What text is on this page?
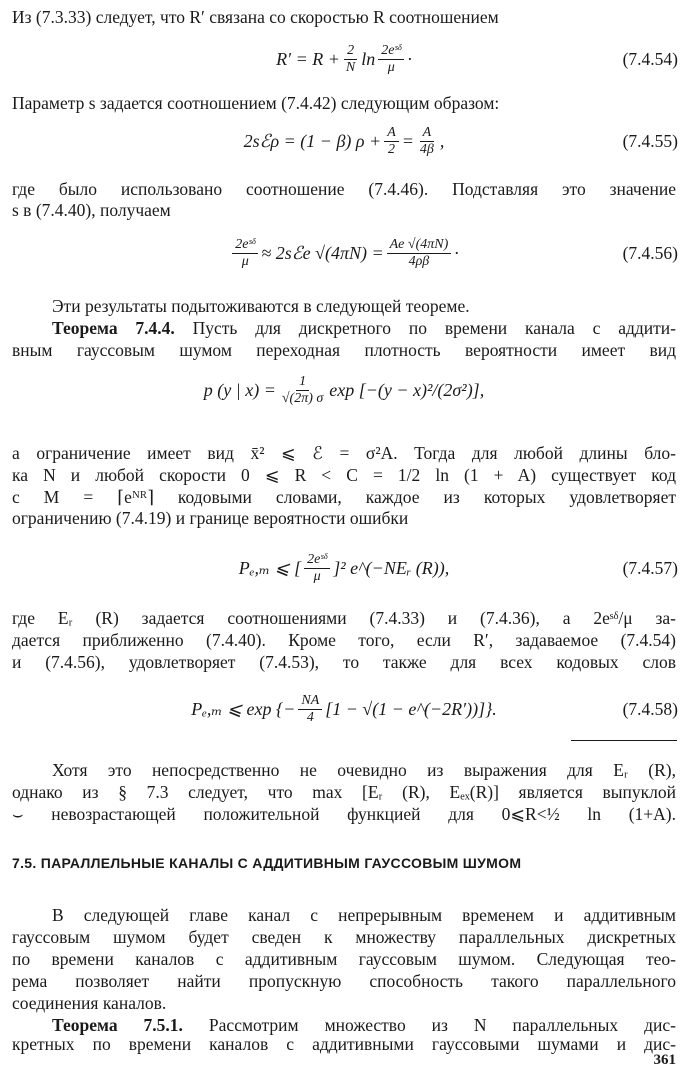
Из (7.3.33) следует, что R′ связана со скоростью R соотношением
$R' = R + \frac{2}{N}$ $\ln \frac{\text{2eˢᵟ}}{\mu}$ ·	(7.4.54)
Параметр s задается соотношением (7.4.42) следующим образом:
2sℰρ = (1 − β) $\rho + \frac{A}{2} = \frac{A}{4\beta}$ ,	(7.4.55)
где было использовано соотношение (7.4.46). Подставляя это значение
s в (7.4.40), получаем
$\frac{\text{2eˢᵟ}}{\mu}$ ≈ 2sℰe $√(4\pi N) = \frac{Ae √(4\pi N)}{4\rho\beta}$ ·	(7.4.56)
Эти результаты подытоживаются в следующей теореме.
Теорема 7.4.4. Пусть для дискретного по времени канала с аддити-
вным гауссовым шумом переходная плотность вероятности имеет вид
p (y | $x) = \frac{1}{√(2\pi) \sigma}$ exp [−(y − x)²/(2σ²)],
а ограничение имеет вид x̄² ⩽ ℰ = σ²A. Тогда для любой длины бло-
ка N и любой скорости 0 ⩽ R < C = 1/2 ln (1 + A) существует код
с M = ⌈eᴺᴿ⌉ кодовыми словами, каждое из которых удовлетворяет
ограничению (7.4.19) и границе вероятности ошибки
Pₑ,ₘ ⩽ [ $\frac{\text{2eˢᵟ}}{\mu} ]^2$ e^(−NEᵣ (R)),	(7.4.57)
где Eᵣ (R) задается соотношениями (7.4.33) и (7.4.36), а 2eˢᵟ/μ за-
дается приближенно (7.4.40). Кроме того, если R′, задаваемое (7.4.54)
и (7.4.56), удовлетворяет (7.4.53), то также для всех кодовых слов
Pₑ,ₘ ⩽ exp {− $\frac{NA}{4} [1 - √(1$ − e^(−2R′))]}.	(7.4.58)
Хотя это непосредственно не очевидно из выражения для Eᵣ (R),
однако из § 7.3 следует, что max [Eᵣ (R), Eₑₓ(R)] является выпуклой
⌣ невозрастающей положительной функцией для 0⩽R<½ ln (1+A).
7.5. ПАРАЛЛЕЛЬНЫЕ КАНАЛЫ С АДДИТИВНЫМ ГАУССОВЫМ ШУМОМ
В следующей главе канал с непрерывным временем и аддитивным
гауссовым шумом будет сведен к множеству параллельных дискретных
по времени каналов с аддитивным гауссовым шумом. Следующая тео-
рема позволяет найти пропускную способность такого параллельного
соединения каналов.
Теорема 7.5.1. Рассмотрим множество из N параллельных дис-
кретных по времени каналов с аддитивными гауссовыми шумами и дис-
361
